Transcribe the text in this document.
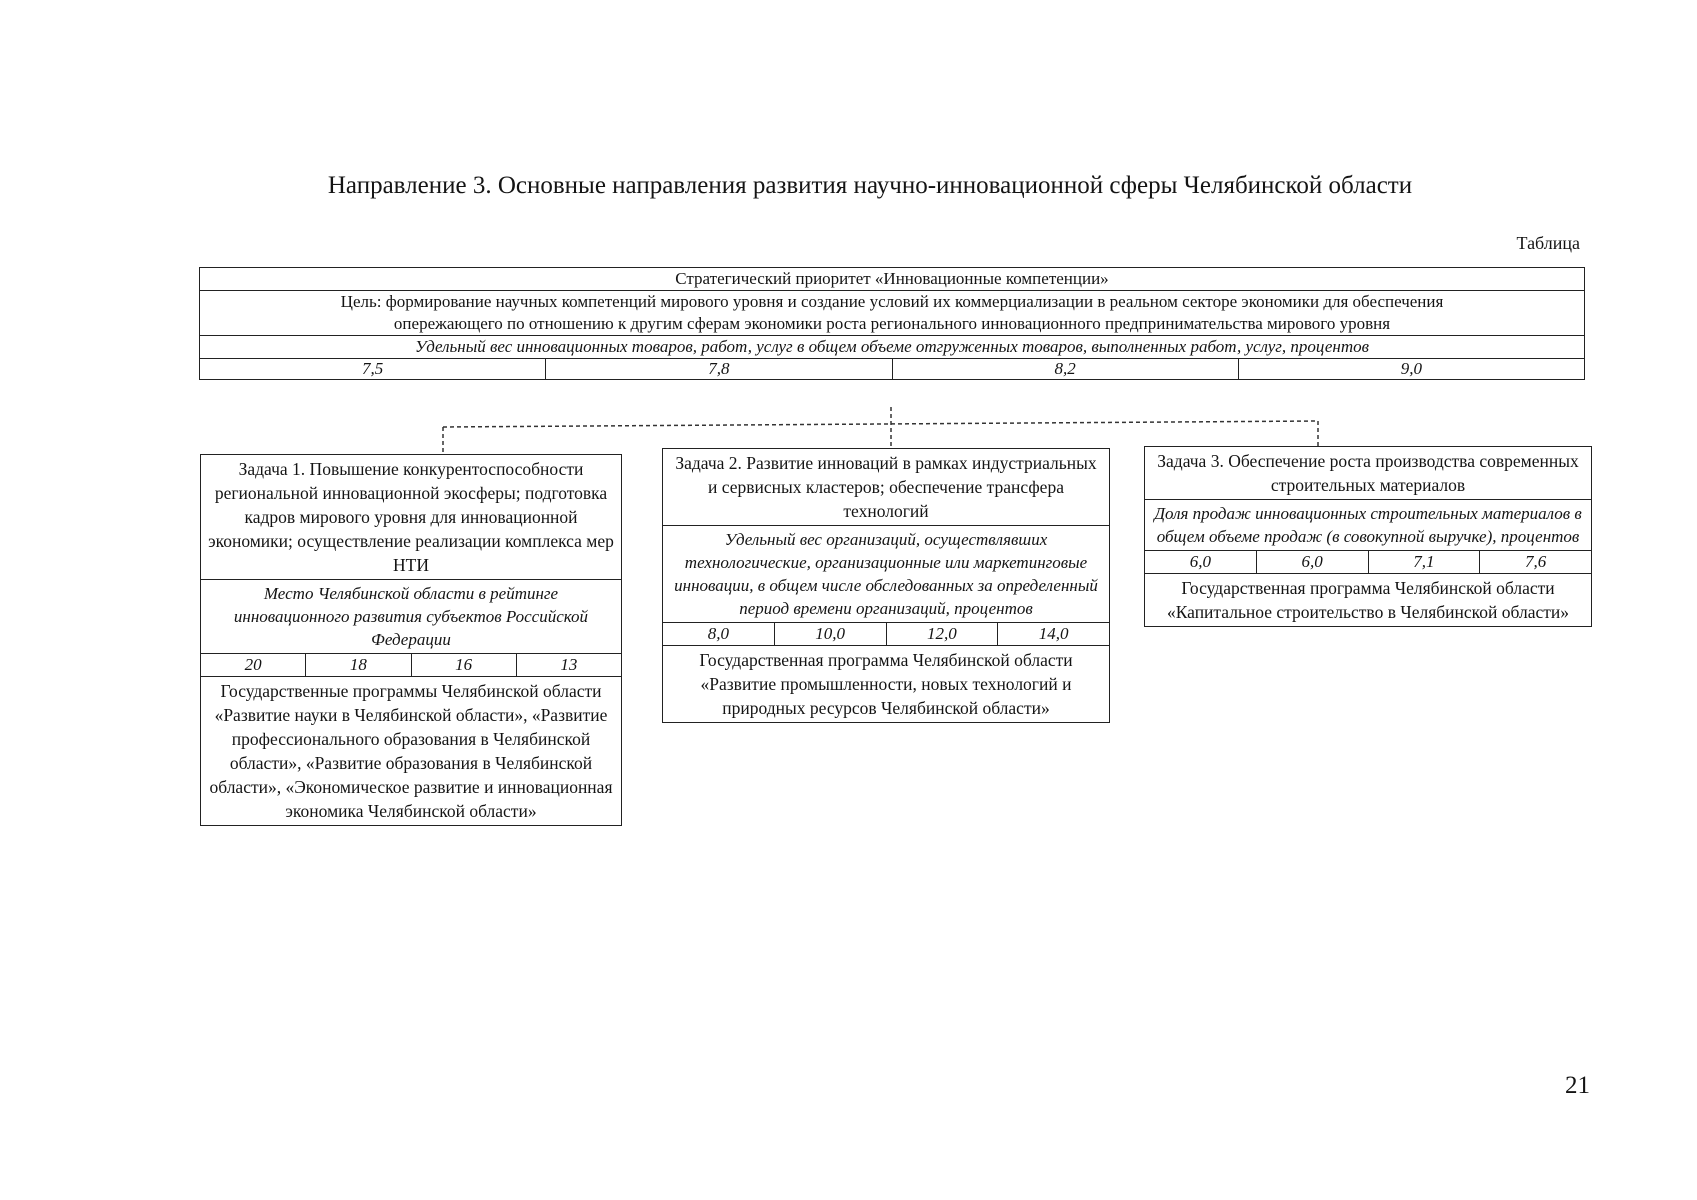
Направление 3. Основные направления развития научно-инновационной сферы Челябинской области
Таблица
Стратегический приоритет «Инновационные компетенции»
Цель: формирование научных компетенций мирового уровня и создание условий их коммерциализации в реальном секторе экономики для обеспечения
опережающего по отношению к другим сферам экономики роста регионального инновационного предпринимательства мирового уровня
Удельный вес инновационных товаров, работ, услуг в общем объеме отгруженных товаров, выполненных работ, услуг, процентов
7,5	7,8	8,2	9,0
Задача 1. Повышение конкурентоспособности региональной инновационной экосферы; подготовка кадров мирового уровня для инновационной экономики; осуществление реализации комплекса мер НТИ
Место Челябинской области в рейтинге инновационного развития субъектов Российской Федерации
20	18	16	13
Государственные программы Челябинской области «Развитие науки в Челябинской области», «Развитие профессионального образования в Челябинской области», «Развитие образования в Челябинской области», «Экономическое развитие и инновационная экономика Челябинской области»
Задача 2. Развитие инноваций в рамках индустриальных и сервисных кластеров; обеспечение трансфера технологий
Удельный вес организаций, осуществлявших технологические, организационные или маркетинговые инновации, в общем числе обследованных за определенный период времени организаций, процентов
8,0	10,0	12,0	14,0
Государственная программа Челябинской области «Развитие промышленности, новых технологий и природных ресурсов Челябинской области»
Задача 3. Обеспечение роста производства современных строительных материалов
Доля продаж инновационных строительных материалов в общем объеме продаж (в совокупной выручке), процентов
6,0	6,0	7,1	7,6
Государственная программа Челябинской области «Капитальное строительство в Челябинской области»
21
